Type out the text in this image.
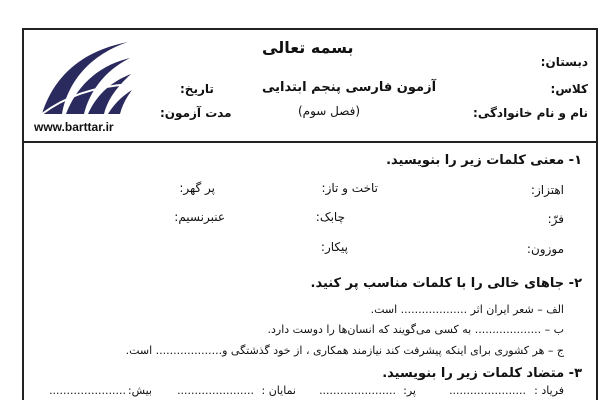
بسمه تعالی
دبستان:
کلاس:
نام و نام خانوادگی:
آزمون فارسی پنجم ابتدایی
(فصل سوم)
تاریخ:
مدت آزمون:
www.barttar.ir
۱- معنی کلمات زیر را بنویسید.
اهتزاز:
تاخت و تاز:
پر گهر:
فرّ:
چابک:
عنبرنسیم:
موزون:
پیکار:
۲- جاهای خالی را با کلمات مناسب پر کنید.
الف – شعر ایران اثر ................... است.
ب – ................... به کسی می‌گویند که انسان‌ها را دوست دارد.
ج – هر کشوری برای اینکه پیشرفت کند نیازمند همکاری ، از خود گذشتگی و................... است.
۳- متضاد کلمات زیر را بنویسید.
فریاد :
......................
پر:
......................
نمایان :
......................
بیش:
......................
